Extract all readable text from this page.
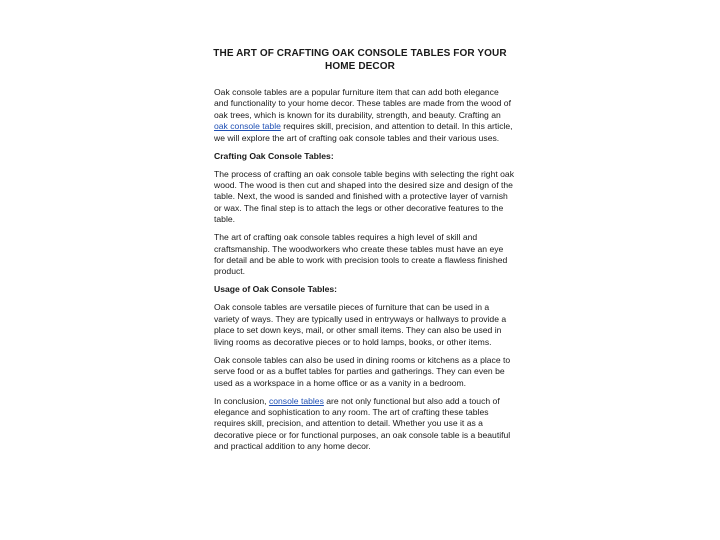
THE ART OF CRAFTING OAK CONSOLE TABLES FOR YOUR HOME DECOR

Oak console tables are a popular furniture item that can add both elegance and functionality to your home decor. These tables are made from the wood of oak trees, which is known for its durability, strength, and beauty. Crafting an oak console table requires skill, precision, and attention to detail. In this article, we will explore the art of crafting oak console tables and their various uses.

Crafting Oak Console Tables:

The process of crafting an oak console table begins with selecting the right oak wood. The wood is then cut and shaped into the desired size and design of the table. Next, the wood is sanded and finished with a protective layer of varnish or wax. The final step is to attach the legs or other decorative features to the table.

The art of crafting oak console tables requires a high level of skill and craftsmanship. The woodworkers who create these tables must have an eye for detail and be able to work with precision tools to create a flawless finished product.

Usage of Oak Console Tables:

Oak console tables are versatile pieces of furniture that can be used in a variety of ways. They are typically used in entryways or hallways to provide a place to set down keys, mail, or other small items. They can also be used in living rooms as decorative pieces or to hold lamps, books, or other items.

Oak console tables can also be used in dining rooms or kitchens as a place to serve food or as a buffet tables for parties and gatherings. They can even be used as a workspace in a home office or as a vanity in a bedroom.

In conclusion, console tables are not only functional but also add a touch of elegance and sophistication to any room. The art of crafting these tables requires skill, precision, and attention to detail. Whether you use it as a decorative piece or for functional purposes, an oak console table is a beautiful and practical addition to any home decor.
